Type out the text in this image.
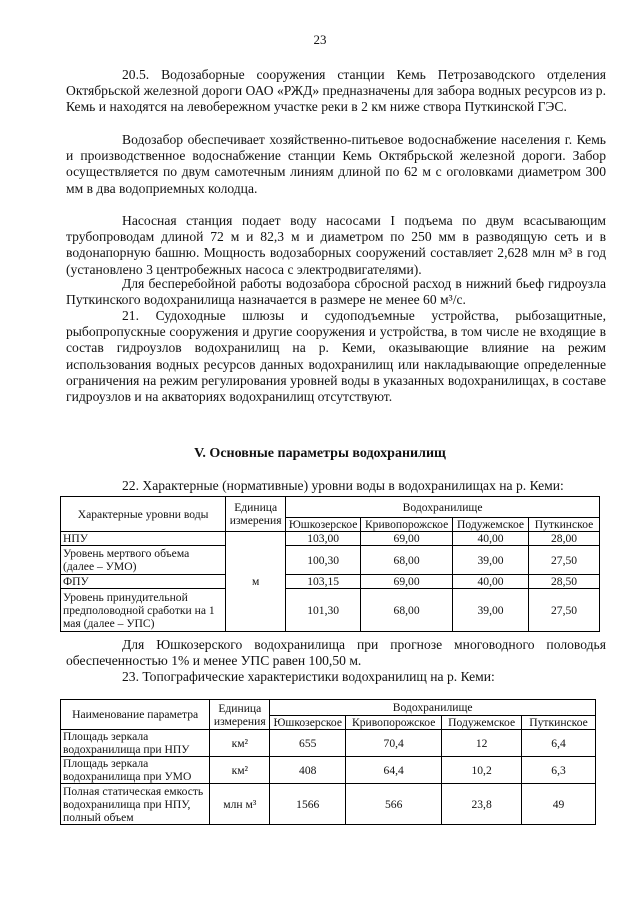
23

20.5. Водозаборные сооружения станции Кемь Петрозаводского отделения Октябрьской железной дороги ОАО «РЖД» предназначены для забора водных ресурсов из р. Кемь и находятся на левобережном участке реки в 2 км ниже створа Путкинской ГЭС.

Водозабор обеспечивает хозяйственно-питьевое водоснабжение населения г. Кемь и производственное водоснабжение станции Кемь Октябрьской железной дороги. Забор осуществляется по двум самотечным линиям длиной по 62 м с оголовками диаметром 300 мм в два водоприемных колодца.

Насосная станция подает воду насосами I подъема по двум всасывающим трубопроводам длиной 72 м и 82,3 м и диаметром по 250 мм в разводящую сеть и в водонапорную башню. Мощность водозаборных сооружений составляет 2,628 млн м³ в год (установлено 3 центробежных насоса с электродвигателями).

Для бесперебойной работы водозабора сбросной расход в нижний бьеф гидроузла Путкинского водохранилища назначается в размере не менее 60 м³/с.

21. Судоходные шлюзы и судоподъемные устройства, рыбозащитные, рыбопропускные сооружения и другие сооружения и устройства, в том числе не входящие в состав гидроузлов водохранилищ на р. Кеми, оказывающие влияние на режим использования водных ресурсов данных водохранилищ или накладывающие определенные ограничения на режим регулирования уровней воды в указанных водохранилищах, в составе гидроузлов и на акваториях водохранилищ отсутствуют.

V. Основные параметры водохранилищ

22. Характерные (нормативные) уровни воды в водохранилищах на р. Кеми:

Характерные уровни воды	Единица измерения	Водохранилище			
		Юшкозерское	Кривопорожское	Подужемское	Путкинское
НПУ	м	103,00	69,00	40,00	28,00
Уровень мертвого объема (далее – УМО)		100,30	68,00	39,00	27,50
ФПУ		103,15	69,00	40,00	28,50
Уровень принудительной предполоводной сработки на 1 мая (далее – УПС)		101,30	68,00	39,00	27,50

Для Юшкозерского водохранилища при прогнозе многоводного половодья обеспеченностью 1% и менее УПС равен 100,50 м.

23. Топографические характеристики водохранилищ на р. Кеми:

Наименование параметра	Единица измерения	Водохранилище			
		Юшкозерское	Кривопорожское	Подужемское	Путкинское
Площадь зеркала водохранилища при НПУ	км²	655	70,4	12	6,4
Площадь зеркала водохранилища при УМО	км²	408	64,4	10,2	6,3
Полная статическая емкость водохранилища при НПУ, полный объем	млн м³	1566	566	23,8	49
